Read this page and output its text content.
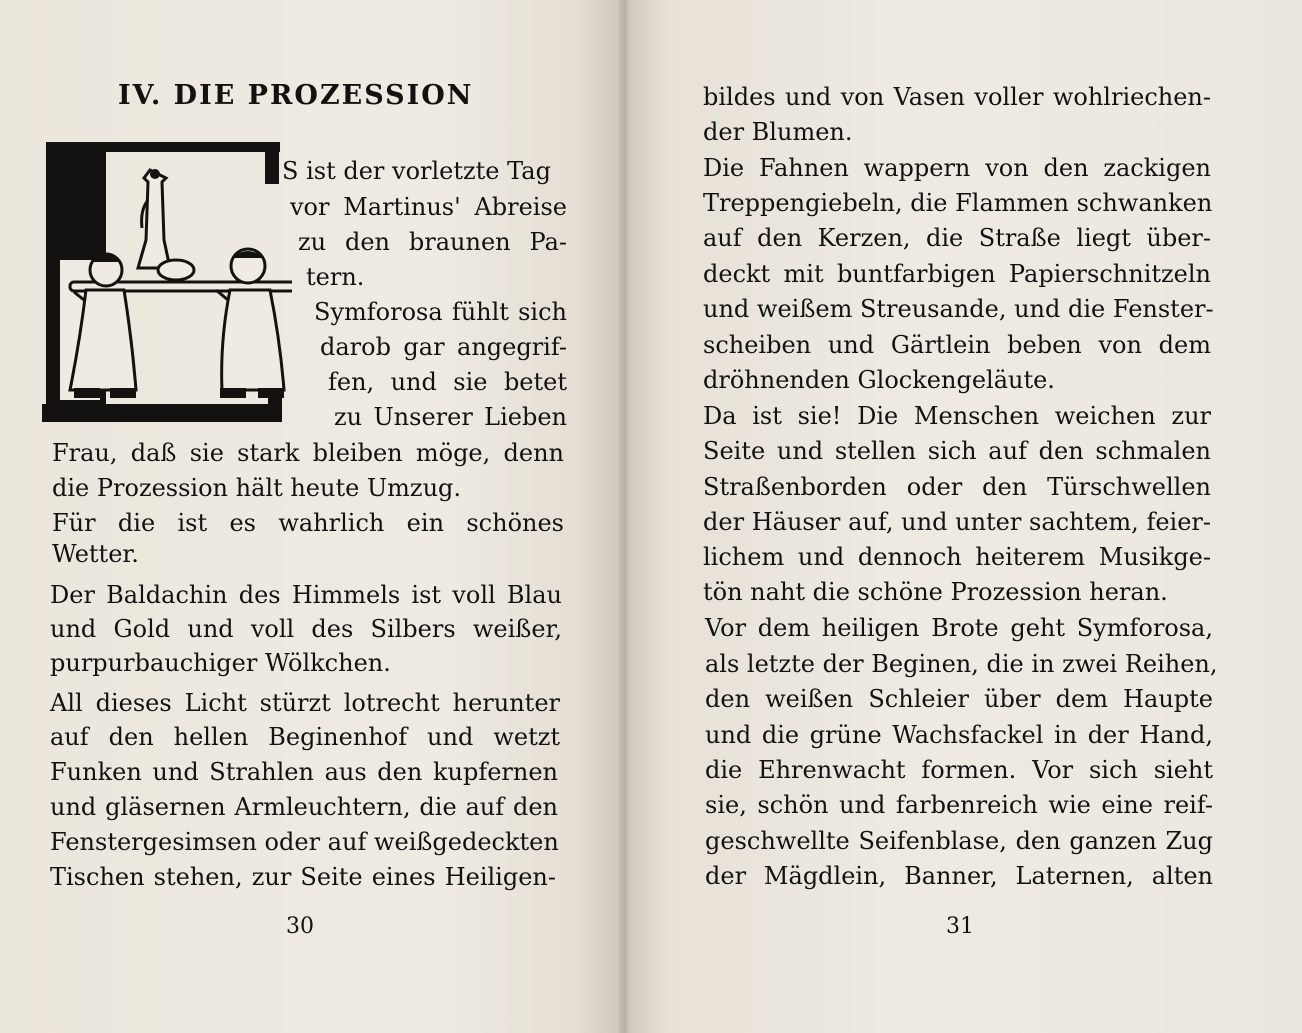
IV. DIE PROZESSION
T

S ist der vorletzte Tag

vor Martinus' Abreise

zu den braunen Pa-

tern.

Symforosa fühlt sich

darob gar angegrif-

fen, und sie betet

zu Unserer Lieben

Frau, daß sie stark bleiben möge, denn

die Prozession hält heute Umzug.

Für die ist es wahrlich ein schönes

Wetter.

Der Baldachin des Himmels ist voll Blau

und Gold und voll des Silbers weißer,

purpurbauchiger Wölkchen.

All dieses Licht stürzt lotrecht herunter

auf den hellen Beginenhof und wetzt

Funken und Strahlen aus den kupfernen

und gläsernen Armleuchtern, die auf den

Fenstergesimsen oder auf weißgedeckten

Tischen stehen, zur Seite eines Heiligen-

30

bildes und von Vasen voller wohlriechen-

der Blumen.

Die Fahnen wappern von den zackigen

Treppengiebeln, die Flammen schwanken

auf den Kerzen, die Straße liegt über-

deckt mit buntfarbigen Papierschnitzeln

und weißem Streusande, und die Fenster-

scheiben und Gärtlein beben von dem

dröhnenden Glockengeläute.

Da ist sie! Die Menschen weichen zur

Seite und stellen sich auf den schmalen

Straßenborden oder den Türschwellen

der Häuser auf, und unter sachtem, feier-

lichem und dennoch heiterem Musikge-

tön naht die schöne Prozession heran.

Vor dem heiligen Brote geht Symforosa,

als letzte der Beginen, die in zwei Reihen,

den weißen Schleier über dem Haupte

und die grüne Wachsfackel in der Hand,

die Ehrenwacht formen. Vor sich sieht

sie, schön und farbenreich wie eine reif-

geschwellte Seifenblase, den ganzen Zug

der Mägdlein, Banner, Laternen, alten

31
